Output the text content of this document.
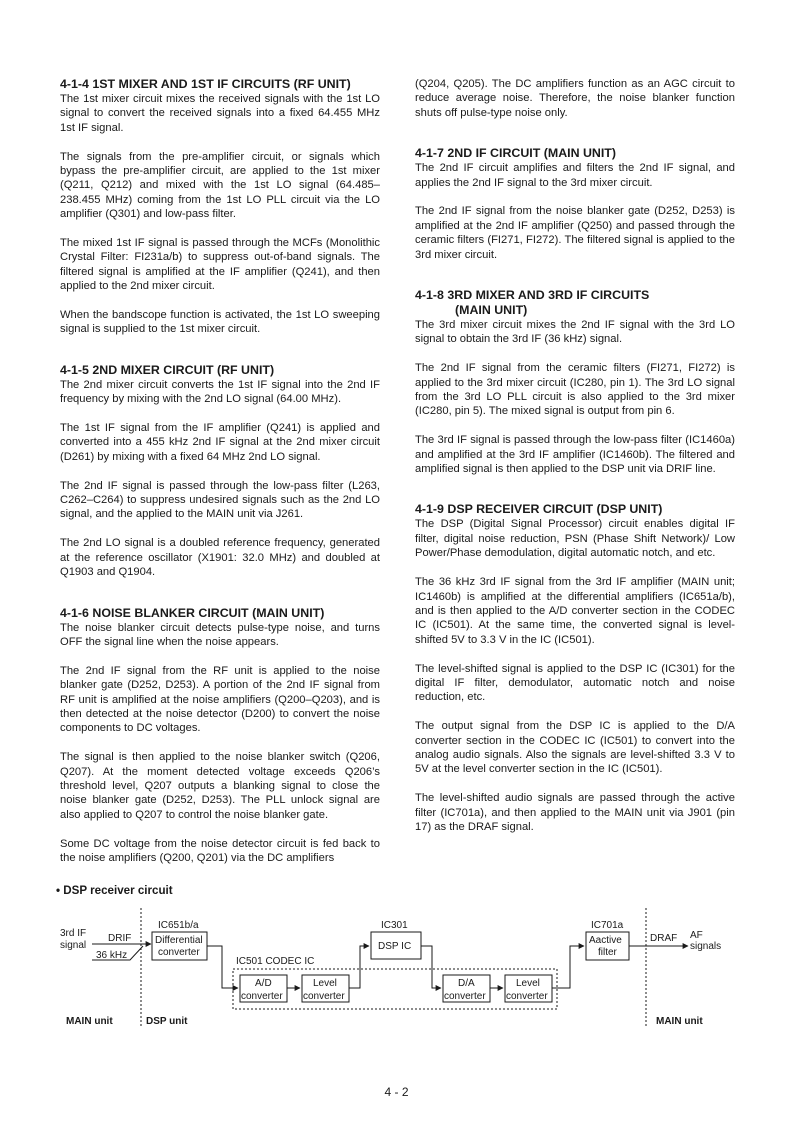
4-1-4 1ST MIXER AND 1ST IF CIRCUITS (RF UNIT)

The 1st mixer circuit mixes the received signals with the 1st LO signal to convert the received signals into a fixed 64.455 MHz 1st IF signal.

The signals from the pre-amplifier circuit, or signals which bypass the pre-amplifier circuit, are applied to the 1st mixer (Q211, Q212) and mixed with the 1st LO signal (64.485–238.455 MHz) coming from the 1st LO PLL circuit via the LO amplifier (Q301) and low-pass filter.

The mixed 1st IF signal is passed through the MCFs (Monolithic Crystal Filter: FI231a/b) to suppress out-of-band signals. The filtered signal is amplified at the IF amplifier (Q241), and then applied to the 2nd mixer circuit.

When the bandscope function is activated, the 1st LO sweeping signal is supplied to the 1st mixer circuit.

4-1-5 2ND MIXER CIRCUIT (RF UNIT)

The 2nd mixer circuit converts the 1st IF signal into the 2nd IF frequency by mixing with the 2nd LO signal (64.00 MHz).

The 1st IF signal from the IF amplifier (Q241) is applied and converted into a 455 kHz 2nd IF signal at the 2nd mixer circuit (D261) by mixing with a fixed 64 MHz 2nd LO signal.

The 2nd IF signal is passed through the low-pass filter (L263, C262–C264) to suppress undesired signals such as the 2nd LO signal, and the applied to the MAIN unit via J261.

The 2nd LO signal is a doubled reference frequency, generated at the reference oscillator (X1901: 32.0 MHz) and doubled at Q1903 and Q1904.

4-1-6 NOISE BLANKER CIRCUIT (MAIN UNIT)

The noise blanker circuit detects pulse-type noise, and turns OFF the signal line when the noise appears.

The 2nd IF signal from the RF unit is applied to the noise blanker gate (D252, D253). A portion of the 2nd IF signal from RF unit is amplified at the noise amplifiers (Q200–Q203), and is then detected at the noise detector (D200) to convert the noise components to DC voltages.

The signal is then applied to the noise blanker switch (Q206, Q207). At the moment detected voltage exceeds Q206’s threshold level, Q207 outputs a blanking signal to close the noise blanker gate (D252, D253). The PLL unlock signal are also applied to Q207 to control the noise blanker gate.

Some DC voltage from the noise detector circuit is fed back to the noise amplifiers (Q200, Q201) via the DC amplifiers

(Q204, Q205). The DC amplifiers function as an AGC circuit to reduce average noise. Therefore, the noise blanker function shuts off pulse-type noise only.

4-1-7 2ND IF CIRCUIT (MAIN UNIT)

The 2nd IF circuit amplifies and filters the 2nd IF signal, and applies the 2nd IF signal to the 3rd mixer circuit.

The 2nd IF signal from the noise blanker gate (D252, D253) is amplified at the 2nd IF amplifier (Q250) and passed through the ceramic filters (FI271, FI272). The filtered signal is applied to the 3rd mixer circuit.

4-1-8 3RD MIXER AND 3RD IF CIRCUITS
(MAIN UNIT)

The 3rd mixer circuit mixes the 2nd IF signal with the 3rd LO signal to obtain the 3rd IF (36 kHz) signal.

The 2nd IF signal from the ceramic filters (FI271, FI272) is applied to the 3rd mixer circuit (IC280, pin 1). The 3rd LO signal from the 3rd LO PLL circuit is also applied to the 3rd mixer (IC280, pin 5). The mixed signal is output from pin 6.

The 3rd IF signal is passed through the low-pass filter (IC1460a) and amplified at the 3rd IF amplifier (IC1460b). The filtered and amplified signal is then applied to the DSP unit via DRIF line.

4-1-9 DSP RECEIVER CIRCUIT (DSP UNIT)

The DSP (Digital Signal Processor) circuit enables digital IF filter, digital noise reduction, PSN (Phase Shift Network)/ Low Power/Phase demodulation, digital automatic notch, and etc.

The 36 kHz 3rd IF signal from the 3rd IF amplifier (MAIN unit; IC1460b) is amplified at the differential amplifiers (IC651a/b), and is then applied to the A/D converter section in the CODEC IC (IC501). At the same time, the converted signal is level-shifted 5V to 3.3 V in the IC (IC501).

The level-shifted signal is applied to the DSP IC (IC301) for the digital IF filter, demodulator, automatic notch and noise reduction, etc.

The output signal from the DSP IC is applied to the D/A converter section in the CODEC IC (IC501) to convert into the analog audio signals. Also the signals are level-shifted 3.3 V to 5V at the level converter section in the IC (IC501).

The level-shifted audio signals are passed through the active filter (IC701a), and then applied to the MAIN unit via J901 (pin 17) as the DRAF signal.

• DSP receiver circuit
3rd IF
signal
DRIF
36 kHz
IC651b/a
Differential
converter
IC501 CODEC IC
A/D
converter
Level
converter
IC301
DSP IC
D/A
converter
Level
converter
IC701a
Aactive
filter
DRAF AF
signals
MAIN unit	DSP unit	MAIN unit
4 - 2
